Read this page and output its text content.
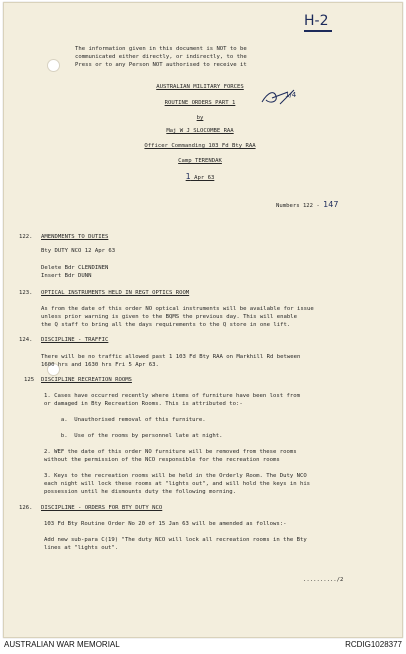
H-2
The information given in this document is NOT to be
communicated either directly, or indirectly, to the
Press or to any Person NOT authorised to receive it
AUSTRALIAN MILITARY FORCES
ROUTINE ORDERS PART 1
by
Maj W J SLOCOMBE RAA
Officer Commanding 103 Fd Bty RAA
Camp TERENDAK
1 Apr 63
1/4
Numbers 122 - 147
122. AMENDMENTS TO DUTIES
Bty DUTY NCO 12 Apr 63
Delete Bdr CLENDINEN
Insert Bdr DUNN
123. OPTICAL INSTRUMENTS HELD IN REGT OPTICS ROOM
As from the date of this order NO optical instruments will be available for issue
unless prior warning is given to the BQMS the previous day. This will enable
the Q staff to bring all the days requirements to the Q store in one lift.
124. DISCIPLINE - TRAFFIC
There will be no traffic allowed past 1 103 Fd Bty RAA on Markhill Rd between
1600 hrs and 1630 hrs Fri 5 Apr 63.
125 DISCIPLINE RECREATION ROOMS
1. Cases have occurred recently where items of furniture have been lost from
or damaged in Bty Recreation Rooms. This is attributed to:-
a.  Unauthorised removal of this furniture.
b.  Use of the rooms by personnel late at night.
2. WEF the date of this order NO furniture will be removed from these rooms
without the permission of the NCO responsible for the recreation rooms
3. Keys to the recreation rooms will be held in the Orderly Room. The Duty NCO
each night will lock these rooms at "lights out", and will hold the keys in his
possession until he dismounts duty the following morning.
126. DISCIPLINE - ORDERS FOR BTY DUTY NCO
103 Fd Bty Routine Order No 20 of 15 Jan 63 will be amended as follows:-
Add new sub-para C(19) "The duty NCO will lock all recreation rooms in the Bty
lines at "lights out".
........../2
AUSTRALIAN WAR MEMORIAL	RCDIG1028377
